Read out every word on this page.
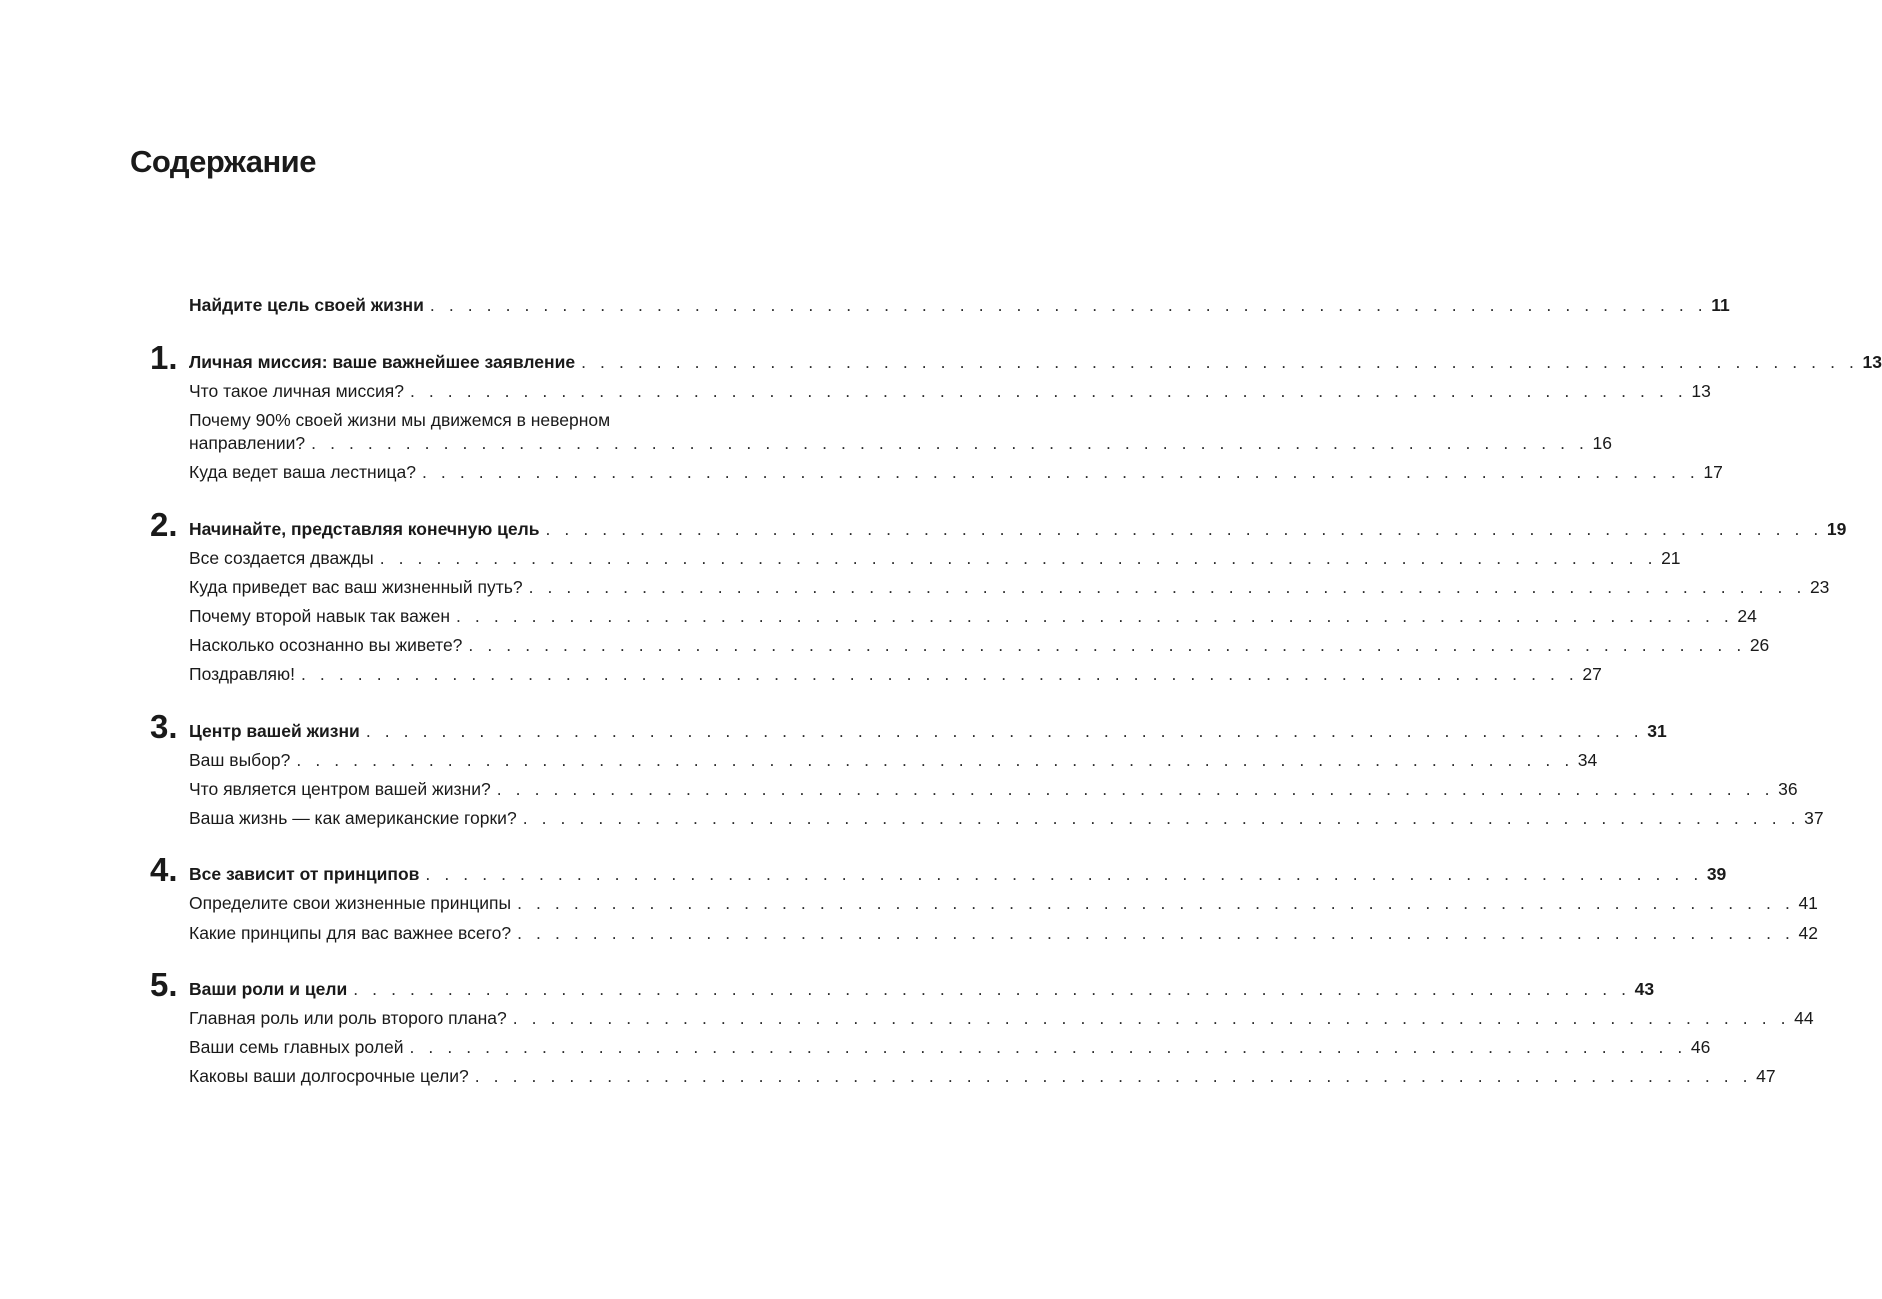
Содержание
Найдите цель своей жизни . . . . . . . . . . . . . . . . . . . . . . . . . . . . . . . . . . . . . . . . . . . . . . . . . . . . . . . . . . . . . . . . . . . . 11
1. Личная миссия: ваше важнейшее заявление . . . . . . . . . . . . . . . . . . . . . . . . . . . . . . . . . . . . . . . . . . . . . . . . . . . . . . . . . . . . . . . . . . . . 13
Что такое личная миссия? . . . . . . . . . . . . . . . . . . . . . . . . . . . . . . . . . . . . . . . . . . . . . . . . . . . . . . . . . . . . . . . . . . . . 13
Почему 90% своей жизни мы движемся в неверном
направлении? . . . . . . . . . . . . . . . . . . . . . . . . . . . . . . . . . . . . . . . . . . . . . . . . . . . . . . . . . . . . . . . . . . . . 16
Куда ведет ваша лестница? . . . . . . . . . . . . . . . . . . . . . . . . . . . . . . . . . . . . . . . . . . . . . . . . . . . . . . . . . . . . . . . . . . . . 17
2. Начинайте, представляя конечную цель . . . . . . . . . . . . . . . . . . . . . . . . . . . . . . . . . . . . . . . . . . . . . . . . . . . . . . . . . . . . . . . . . . . . 19
Все создается дважды . . . . . . . . . . . . . . . . . . . . . . . . . . . . . . . . . . . . . . . . . . . . . . . . . . . . . . . . . . . . . . . . . . . . 21
Куда приведет вас ваш жизненный путь? . . . . . . . . . . . . . . . . . . . . . . . . . . . . . . . . . . . . . . . . . . . . . . . . . . . . . . . . . . . . . . . . . . . . 23
Почему второй навык так важен . . . . . . . . . . . . . . . . . . . . . . . . . . . . . . . . . . . . . . . . . . . . . . . . . . . . . . . . . . . . . . . . . . . . 24
Насколько осознанно вы живете? . . . . . . . . . . . . . . . . . . . . . . . . . . . . . . . . . . . . . . . . . . . . . . . . . . . . . . . . . . . . . . . . . . . . 26
Поздравляю! . . . . . . . . . . . . . . . . . . . . . . . . . . . . . . . . . . . . . . . . . . . . . . . . . . . . . . . . . . . . . . . . . . . . 27
3. Центр вашей жизни . . . . . . . . . . . . . . . . . . . . . . . . . . . . . . . . . . . . . . . . . . . . . . . . . . . . . . . . . . . . . . . . . . . . 31
Ваш выбор? . . . . . . . . . . . . . . . . . . . . . . . . . . . . . . . . . . . . . . . . . . . . . . . . . . . . . . . . . . . . . . . . . . . . 34
Что является центром вашей жизни? . . . . . . . . . . . . . . . . . . . . . . . . . . . . . . . . . . . . . . . . . . . . . . . . . . . . . . . . . . . . . . . . . . . . 36
Ваша жизнь — как американские горки? . . . . . . . . . . . . . . . . . . . . . . . . . . . . . . . . . . . . . . . . . . . . . . . . . . . . . . . . . . . . . . . . . . . . 37
4. Все зависит от принципов . . . . . . . . . . . . . . . . . . . . . . . . . . . . . . . . . . . . . . . . . . . . . . . . . . . . . . . . . . . . . . . . . . . . 39
Определите свои жизненные принципы . . . . . . . . . . . . . . . . . . . . . . . . . . . . . . . . . . . . . . . . . . . . . . . . . . . . . . . . . . . . . . . . . . . . 41
Какие принципы для вас важнее всего? . . . . . . . . . . . . . . . . . . . . . . . . . . . . . . . . . . . . . . . . . . . . . . . . . . . . . . . . . . . . . . . . . . . . 42
5. Ваши роли и цели . . . . . . . . . . . . . . . . . . . . . . . . . . . . . . . . . . . . . . . . . . . . . . . . . . . . . . . . . . . . . . . . . . . . 43
Главная роль или роль второго плана? . . . . . . . . . . . . . . . . . . . . . . . . . . . . . . . . . . . . . . . . . . . . . . . . . . . . . . . . . . . . . . . . . . . . 44
Ваши семь главных ролей . . . . . . . . . . . . . . . . . . . . . . . . . . . . . . . . . . . . . . . . . . . . . . . . . . . . . . . . . . . . . . . . . . . . 46
Каковы ваши долгосрочные цели? . . . . . . . . . . . . . . . . . . . . . . . . . . . . . . . . . . . . . . . . . . . . . . . . . . . . . . . . . . . . . . . . . . . . 47
